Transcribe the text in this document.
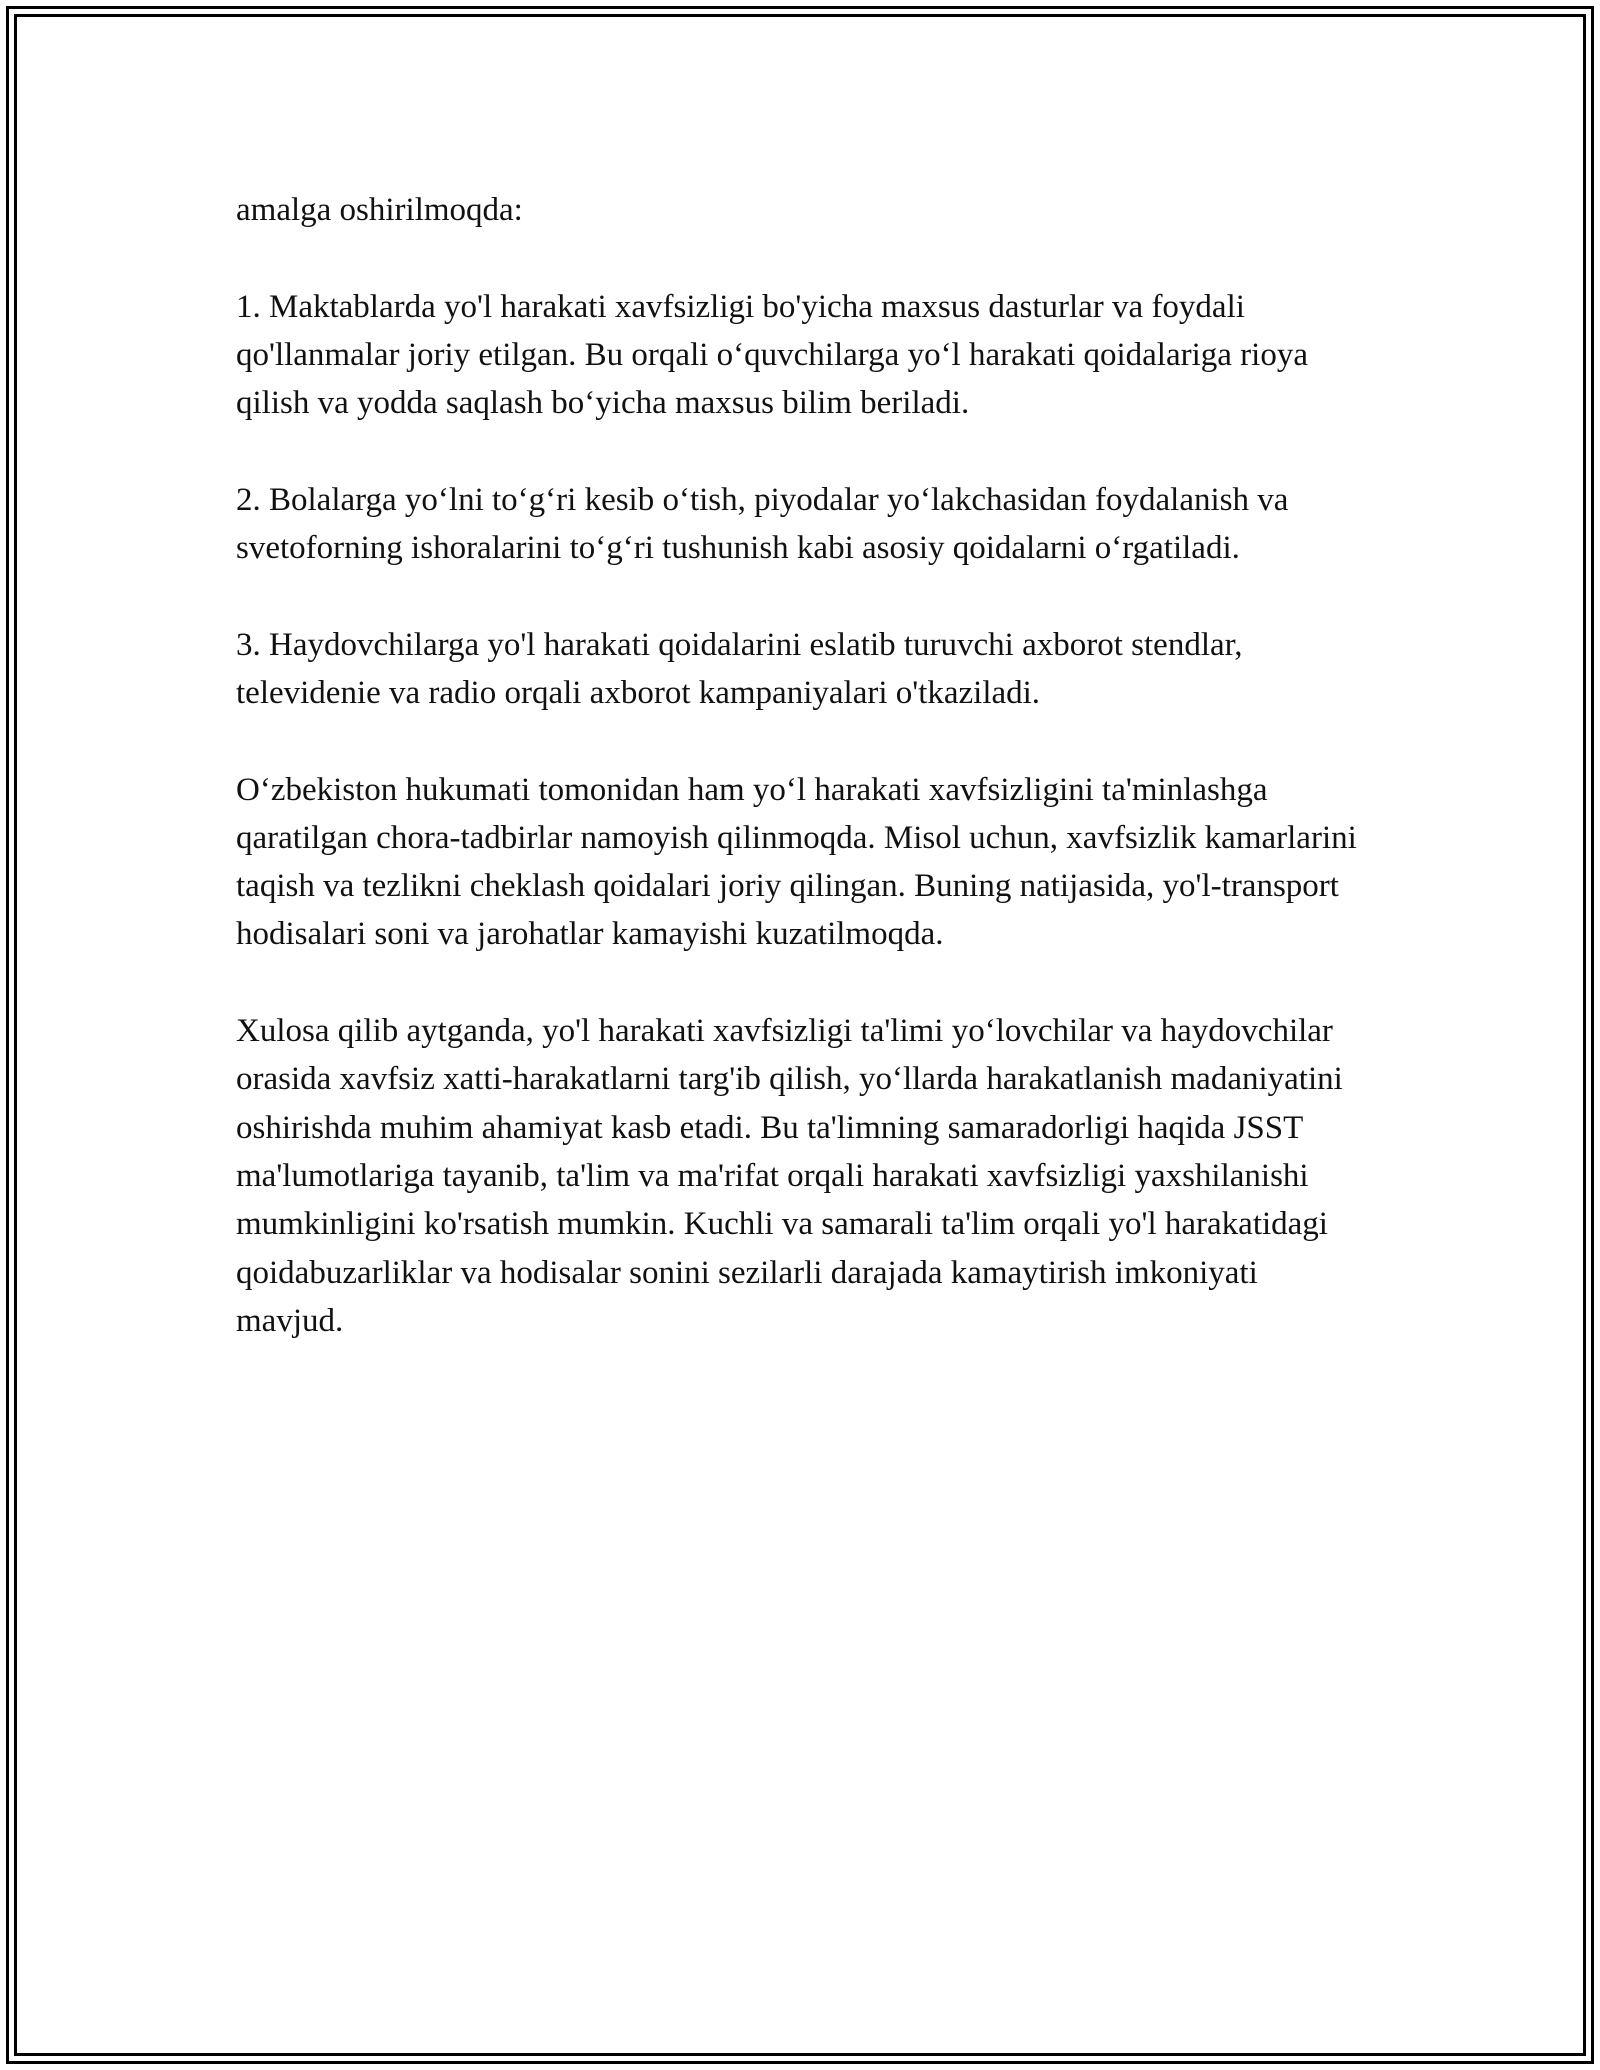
amalga oshirilmoqda:

1. Maktablarda yo'l harakati xavfsizligi bo'yicha maxsus dasturlar va foydali qo'llanmalar joriy etilgan. Bu orqali o‘quvchilarga yo‘l harakati qoidalariga rioya qilish va yodda saqlash bo‘yicha maxsus bilim beriladi.

2. Bolalarga yo‘lni to‘g‘ri kesib o‘tish, piyodalar yo‘lakchasidan foydalanish va svetoforning ishoralarini to‘g‘ri tushunish kabi asosiy qoidalarni o‘rgatiladi.

3. Haydovchilarga yo'l harakati qoidalarini eslatib turuvchi axborot stendlar, televidenie va radio orqali axborot kampaniyalari o'tkaziladi.

O‘zbekiston hukumati tomonidan ham yo‘l harakati xavfsizligini ta'minlashga qaratilgan chora-tadbirlar namoyish qilinmoqda. Misol uchun, xavfsizlik kamarlarini taqish va tezlikni cheklash qoidalari joriy qilingan. Buning natijasida, yo'l-transport hodisalari soni va jarohatlar kamayishi kuzatilmoqda.

Xulosa qilib aytganda, yo'l harakati xavfsizligi ta'limi yo‘lovchilar va haydovchilar orasida xavfsiz xatti-harakatlarni targ'ib qilish, yo‘llarda harakatlanish madaniyatini oshirishda muhim ahamiyat kasb etadi. Bu ta'limning samaradorligi haqida JSST ma'lumotlariga tayanib, ta'lim va ma'rifat orqali harakati xavfsizligi yaxshilanishi mumkinligini ko'rsatish mumkin. Kuchli va samarali ta'lim orqali yo'l harakatidagi qoidabuzarliklar va hodisalar sonini sezilarli darajada kamaytirish imkoniyati mavjud.
